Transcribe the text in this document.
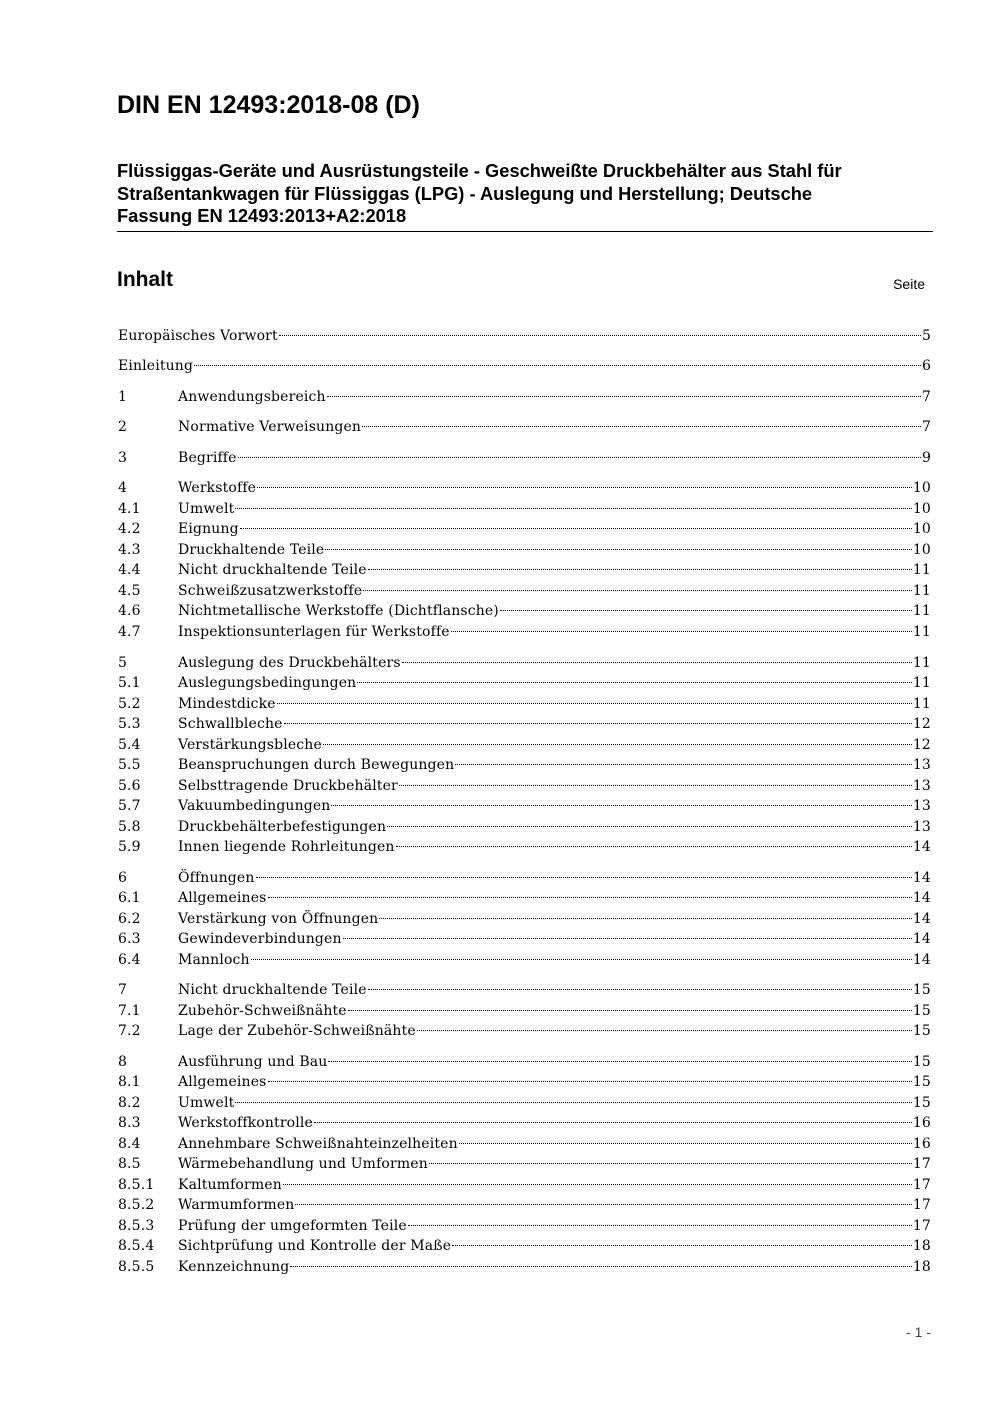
DIN EN 12493:2018-08 (D)
Flüssiggas-Geräte und Ausrüstungsteile - Geschweißte Druckbehälter aus Stahl für
Straßentankwagen für Flüssiggas (LPG) - Auslegung und Herstellung; Deutsche
Fassung EN 12493:2013+A2:2018
Inhalt	Seite
Europäisches Vorwort	5
Einleitung	6
1	Anwendungsbereich	7
2	Normative Verweisungen	7
3	Begriffe	9
4	Werkstoffe	10
4.1	Umwelt	10
4.2	Eignung	10
4.3	Druckhaltende Teile	10
4.4	Nicht druckhaltende Teile	11
4.5	Schweißzusatzwerkstoffe	11
4.6	Nichtmetallische Werkstoffe (Dichtflansche)	11
4.7	Inspektionsunterlagen für Werkstoffe	11
5	Auslegung des Druckbehälters	11
5.1	Auslegungsbedingungen	11
5.2	Mindestdicke	11
5.3	Schwallbleche	12
5.4	Verstärkungsbleche	12
5.5	Beanspruchungen durch Bewegungen	13
5.6	Selbsttragende Druckbehälter	13
5.7	Vakuumbedingungen	13
5.8	Druckbehälterbefestigungen	13
5.9	Innen liegende Rohrleitungen	14
6	Öffnungen	14
6.1	Allgemeines	14
6.2	Verstärkung von Öffnungen	14
6.3	Gewindeverbindungen	14
6.4	Mannloch	14
7	Nicht druckhaltende Teile	15
7.1	Zubehör-Schweißnähte	15
7.2	Lage der Zubehör-Schweißnähte	15
8	Ausführung und Bau	15
8.1	Allgemeines	15
8.2	Umwelt	15
8.3	Werkstoffkontrolle	16
8.4	Annehmbare Schweißnahteinzelheiten	16
8.5	Wärmebehandlung und Umformen	17
8.5.1	Kaltumformen	17
8.5.2	Warmumformen	17
8.5.3	Prüfung der umgeformten Teile	17
8.5.4	Sichtprüfung und Kontrolle der Maße	18
8.5.5	Kennzeichnung	18
- 1 -
